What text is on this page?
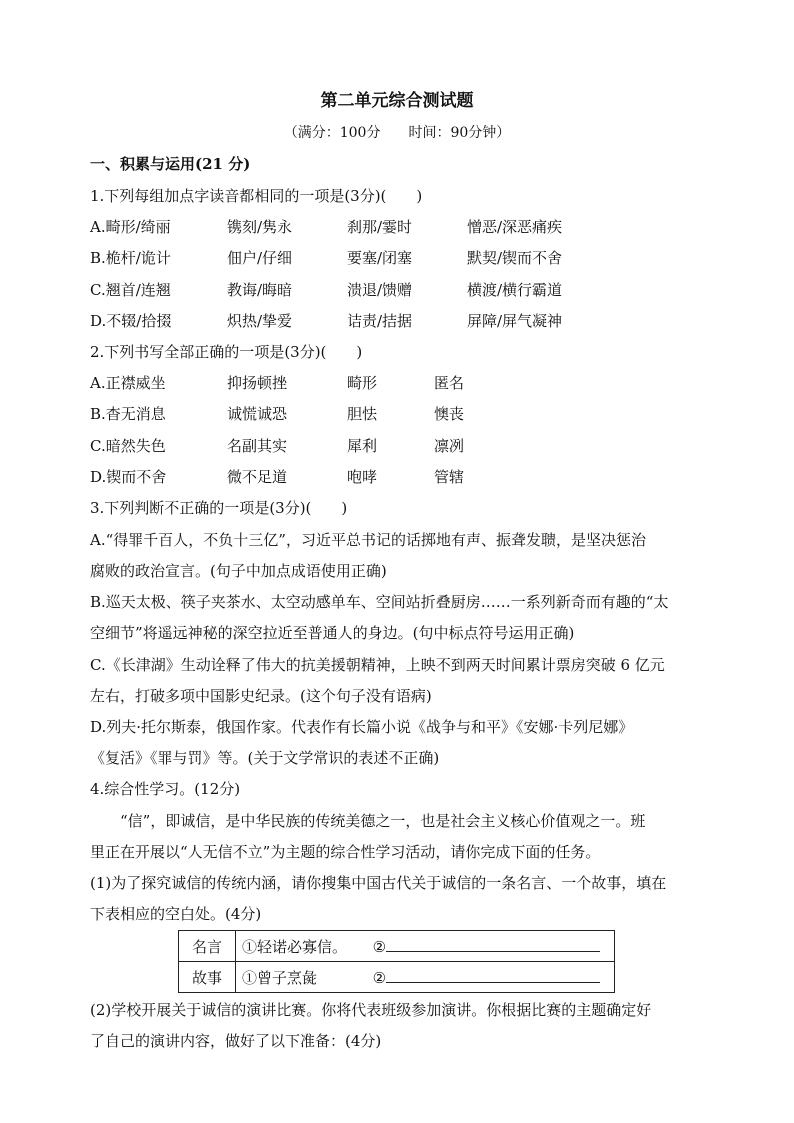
第二单元综合测试题
（满分：100分　　时间：90分钟）
一、积累与运用(21 分)
1.下列每组加点字读音都相同的一项是(3分)(　　)
A.畸形/绮丽	镌刻/隽永	刹那/霎时	憎恶/深恶痛疾
B.桅杆/诡计	佃户/仔细	要塞/闭塞	默契/锲而不舍
C.翘首/连翘	教诲/晦暗	溃退/馈赠	横渡/横行霸道
D.不辍/拾掇	炽热/挚爱	诘责/拮据	屏障/屏气凝神
2.下列书写全部正确的一项是(3分)(　　)
A.正襟威坐	抑扬顿挫	畸形	匿名
B.杳无消息	诚慌诚恐	胆怯	懊丧
C.暗然失色	名副其实	犀利	凛冽
D.锲而不舍	微不足道	咆哮	管辖
3.下列判断不正确的一项是(3分)(　　)
A.“得罪千百人，不负十三亿”，习近平总书记的话掷地有声、振聋发聩，是坚决惩治
腐败的政治宣言。(句子中加点成语使用正确)
B.巡天太极、筷子夹茶水、太空动感单车、空间站折叠厨房……一系列新奇而有趣的“太
空细节”将遥远神秘的深空拉近至普通人的身边。(句中标点符号运用正确)
C.《长津湖》生动诠释了伟大的抗美援朝精神，上映不到两天时间累计票房突破 6 亿元
左右，打破多项中国影史纪录。(这个句子没有语病)
D.列夫·托尔斯泰，俄国作家。代表作有长篇小说《战争与和平》《安娜·卡列尼娜》
《复活》《罪与罚》等。(关于文学常识的表述不正确)
4.综合性学习。(12分)
“信”，即诚信，是中华民族的传统美德之一，也是社会主义核心价值观之一。班
里正在开展以“人无信不立”为主题的综合性学习活动，请你完成下面的任务。
(1)为了探究诚信的传统内涵，请你搜集中国古代关于诚信的一条名言、一个故事，填在
下表相应的空白处。(4分)
名言	①轻诺必寡信。 ②
故事	①曾子烹彘 ②
(2)学校开展关于诚信的演讲比赛。你将代表班级参加演讲。你根据比赛的主题确定好
了自己的演讲内容，做好了以下准备：(4分)
